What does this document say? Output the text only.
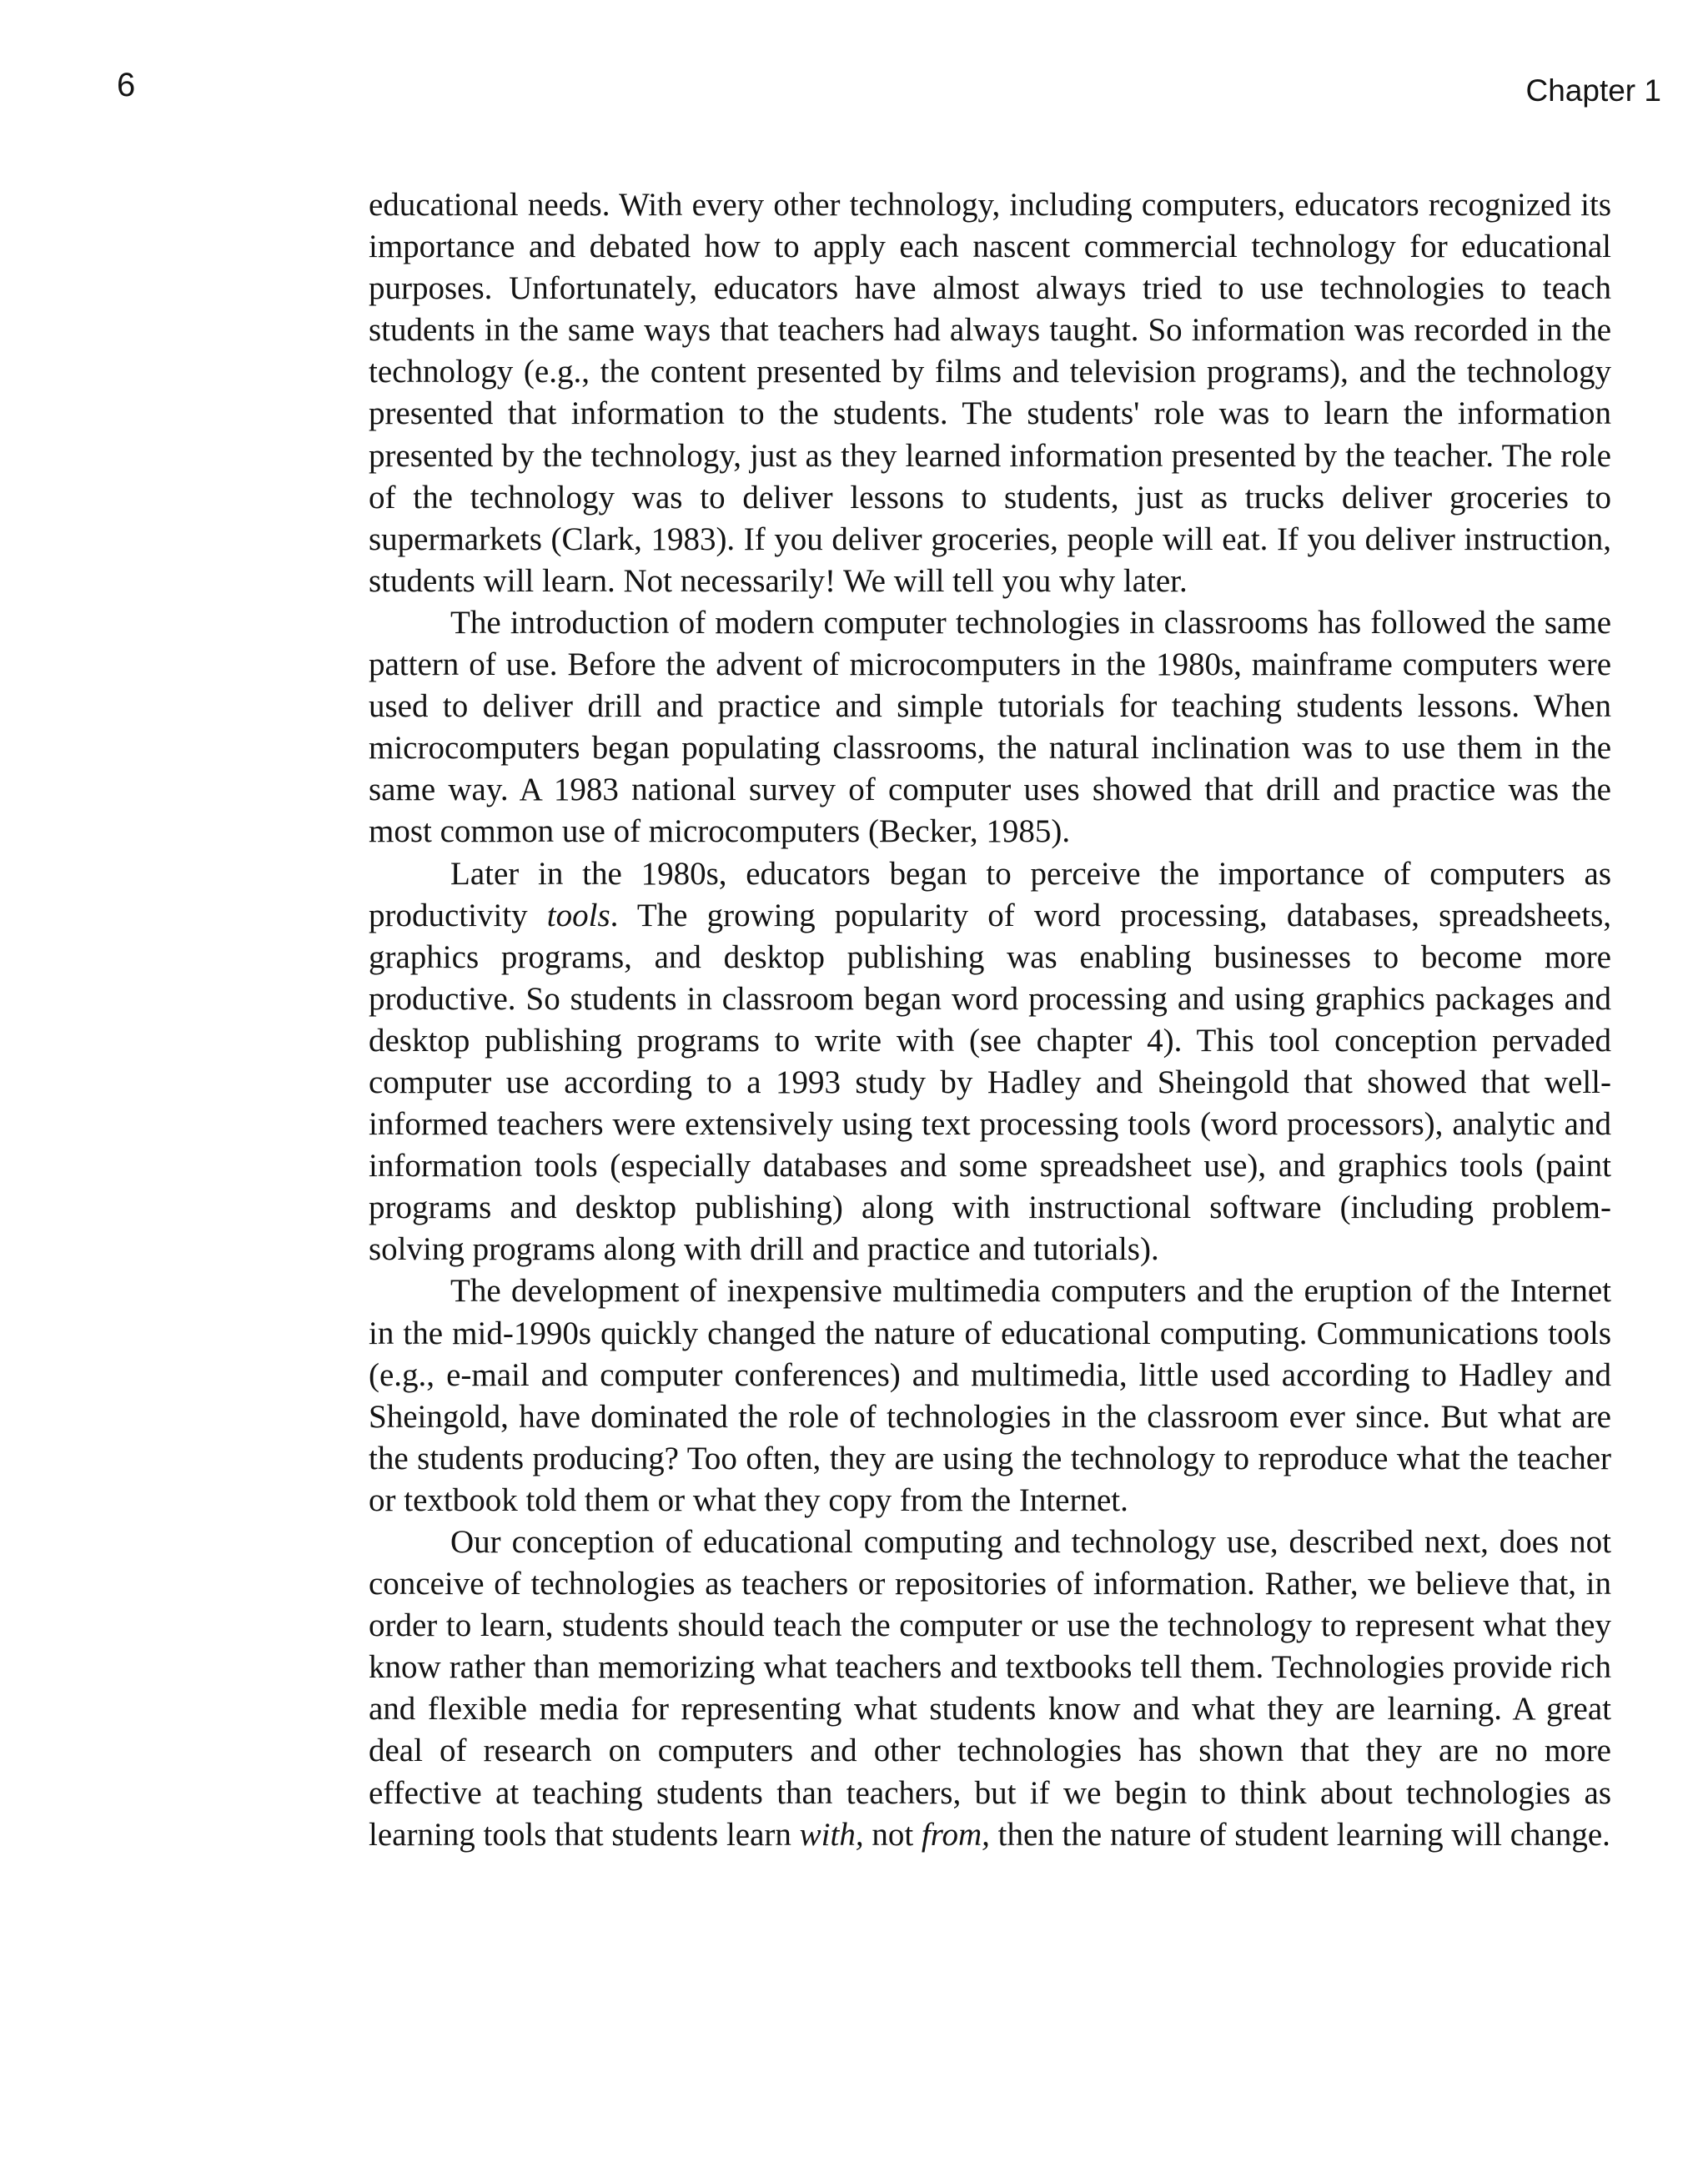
6	Chapter 1

educational needs. With every other technology, including computers, educators recognized its importance and debated how to apply each nascent commercial technology for educational purposes. Unfortunately, educators have almost always tried to use technologies to teach students in the same ways that teachers had always taught. So information was recorded in the technology (e.g., the content presented by films and television programs), and the technology presented that information to the students. The students' role was to learn the information presented by the technology, just as they learned information presented by the teacher. The role of the technology was to deliver lessons to students, just as trucks deliver groceries to supermarkets (Clark, 1983). If you deliver groceries, people will eat. If you deliver instruction, students will learn. Not necessarily! We will tell you why later.

The introduction of modern computer technologies in classrooms has followed the same pattern of use. Before the advent of microcomputers in the 1980s, mainframe computers were used to deliver drill and practice and simple tutorials for teaching students lessons. When microcomputers began populating classrooms, the natural inclination was to use them in the same way. A 1983 national survey of computer uses showed that drill and practice was the most common use of microcomputers (Becker, 1985).

Later in the 1980s, educators began to perceive the importance of computers as productivity tools. The growing popularity of word processing, databases, spreadsheets, graphics programs, and desktop publishing was enabling businesses to become more productive. So students in classroom began word processing and using graphics packages and desktop publishing programs to write with (see chapter 4). This tool conception pervaded computer use according to a 1993 study by Hadley and Sheingold that showed that well-informed teachers were extensively using text processing tools (word processors), analytic and information tools (especially databases and some spreadsheet use), and graphics tools (paint programs and desktop publishing) along with instructional software (including problem-solving programs along with drill and practice and tutorials).

The development of inexpensive multimedia computers and the eruption of the Internet in the mid-1990s quickly changed the nature of educational computing. Communications tools (e.g., e-mail and computer conferences) and multimedia, little used according to Hadley and Sheingold, have dominated the role of technologies in the classroom ever since. But what are the students producing? Too often, they are using the technology to reproduce what the teacher or textbook told them or what they copy from the Internet.

Our conception of educational computing and technology use, described next, does not conceive of technologies as teachers or repositories of information. Rather, we believe that, in order to learn, students should teach the computer or use the technology to represent what they know rather than memorizing what teachers and textbooks tell them. Technologies provide rich and flexible media for representing what students know and what they are learning. A great deal of research on computers and other technologies has shown that they are no more effective at teaching students than teachers, but if we begin to think about technologies as learning tools that students learn with, not from, then the nature of student learning will change.
